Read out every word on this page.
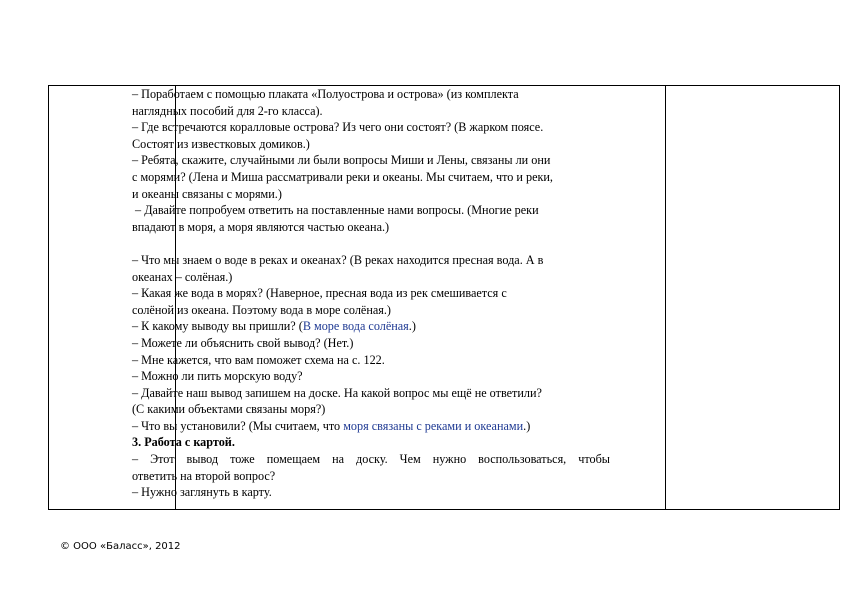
– Поработаем с помощью плаката «Полуострова и острова» (из комплекта

наглядных пособий для 2-го класса).

– Где встречаются коралловые острова? Из чего они состоят? (В жарком поясе.

Состоят из известковых домиков.)

– Ребята, скажите, случайными ли были вопросы Миши и Лены, связаны ли они

с морями? (Лена и Миша рассматривали реки и океаны. Мы считаем, что и реки,

и океаны связаны с морями.)

– Давайте попробуем ответить на поставленные нами вопросы. (Многие реки

впадают в моря, а моря являются частью океана.)

– Что мы знаем о воде в реках и океанах? (В реках находится пресная вода. А в

океанах – солёная.)

– Какая же вода в морях? (Наверное, пресная вода из рек смешивается с

солёной из океана. Поэтому вода в море солёная.)

– К какому выводу вы пришли? (В море вода солёная.)

– Можете ли объяснить свой вывод? (Нет.)

– Мне кажется, что вам поможет схема на с. 122.

– Можно ли пить морскую воду?

– Давайте наш вывод запишем на доске. На какой вопрос мы ещё не ответили?

(С какими объектами связаны моря?)

– Что вы установили? (Мы считаем, что моря связаны с реками и океанами.)

3. Работа с картой.

– Этот вывод тоже помещаем на доску. Чем нужно воспользоваться, чтобы

ответить на второй вопрос?

– Нужно заглянуть в карту.

© ООО «Баласс», 2012
